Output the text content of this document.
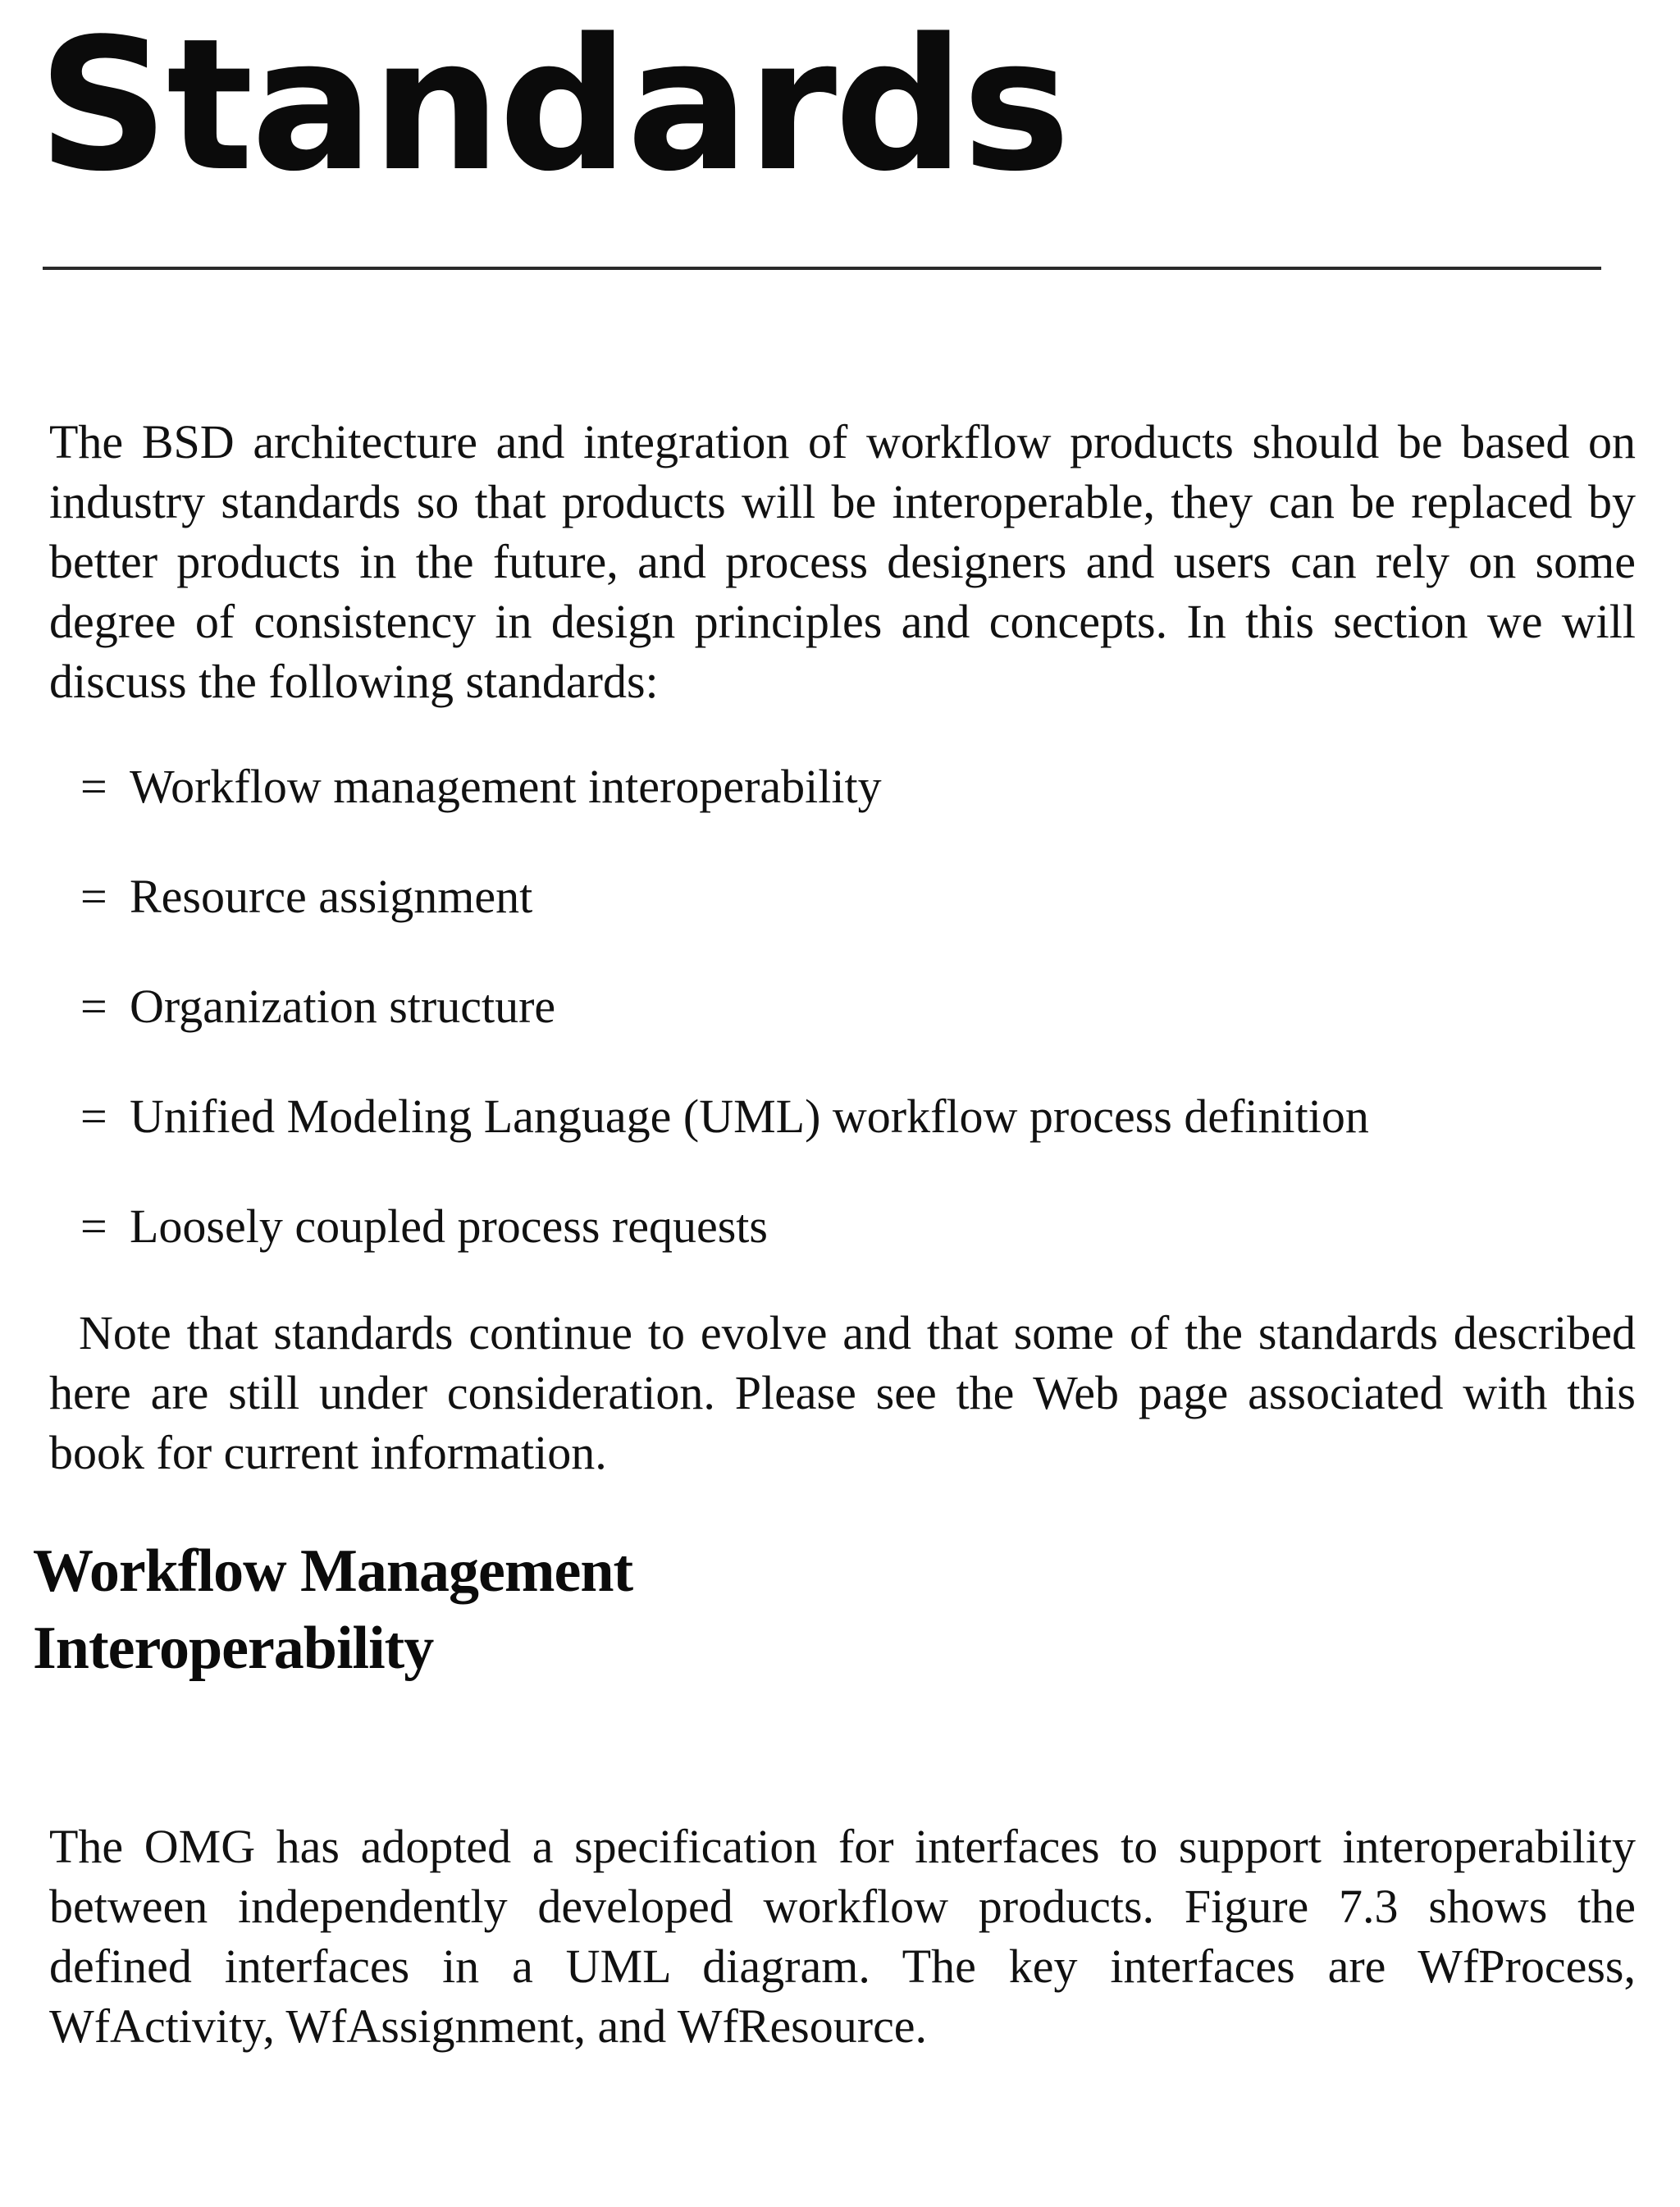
Standards

The BSD architecture and integration of workflow products should be based on industry standards so that products will be interoperable, they can be replaced by better products in the future, and process designers and users can rely on some degree of consistency in design principles and concepts. In this section we will discuss the following standards:

= Workflow management interoperability
= Resource assignment
= Organization structure
= Unified Modeling Language (UML) workflow process definition
= Loosely coupled process requests

Note that standards continue to evolve and that some of the standards described here are still under consideration. Please see the Web page associated with this book for current information.

Workflow Management
Interoperability

The OMG has adopted a specification for interfaces to support interoperability between independently developed workflow products. Figure 7.3 shows the defined interfaces in a UML diagram. The key interfaces are WfProcess, WfActivity, WfAssignment, and WfResource.
